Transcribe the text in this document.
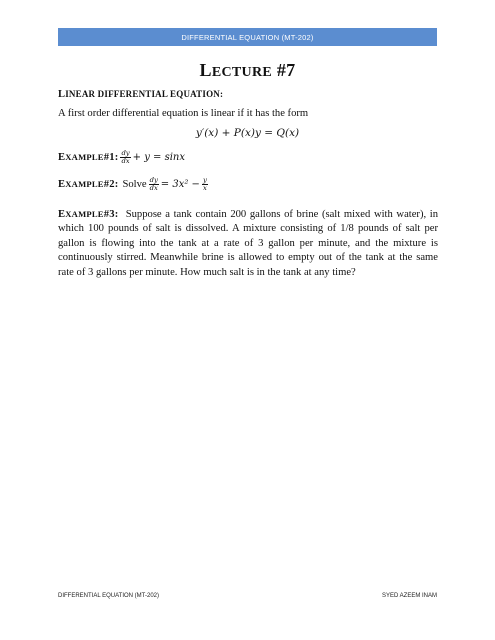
DIFFERENTIAL EQUATION (MT-202)
LECTURE #7
LINEAR DIFFERENTIAL EQUATION:
A first order differential equation is linear if it has the form
y′(x) + P(x)y = Q(x)
EXAMPLE#1: $\frac{dy}{dx} + y = \sin x$
EXAMPLE#2: Solve $\frac{dy}{dx} = 3x^2 - \frac{y}{x}$
EXAMPLE#3: Suppose a tank contain 200 gallons of brine (salt mixed with water), in which 100 pounds of salt is dissolved. A mixture consisting of 1/8 pounds of salt per gallon is flowing into the tank at a rate of 3 gallon per minute, and the mixture is continuously stirred. Meanwhile brine is allowed to empty out of the tank at the same rate of 3 gallons per minute. How much salt is in the tank at any time?
DIFFERENTIAL EQUATION (MT-202)	SYED AZEEM INAM
